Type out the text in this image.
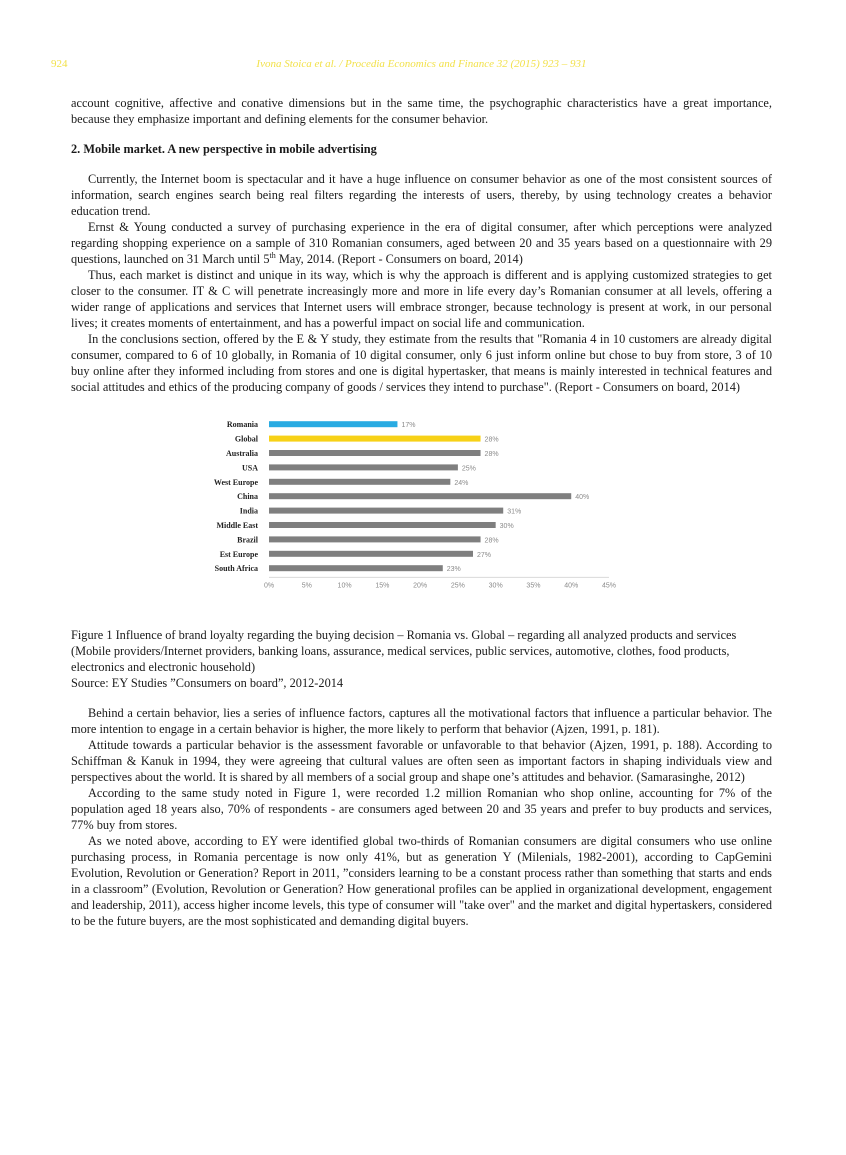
924	Ivona Stoica et al. / Procedia Economics and Finance 32 (2015) 923 – 931

account cognitive, affective and conative dimensions but in the same time, the psychographic characteristics have a great importance, because they emphasize important and defining elements for the consumer behavior.

2. Mobile market. A new perspective in mobile advertising

Currently, the Internet boom is spectacular and it have a huge influence on consumer behavior as one of the most consistent sources of information, search engines search being real filters regarding the interests of users, thereby, by using technology creates a behavior education trend.

Ernst & Young conducted a survey of purchasing experience in the era of digital consumer, after which perceptions were analyzed regarding shopping experience on a sample of 310 Romanian consumers, aged between 20 and 35 years based on a questionnaire with 29 questions, launched on 31 March until 5th May, 2014. (Report - Consumers on board, 2014)

Thus, each market is distinct and unique in its way, which is why the approach is different and is applying customized strategies to get closer to the consumer. IT & C will penetrate increasingly more and more in life every day’s Romanian consumer at all levels, offering a wider range of applications and services that Internet users will embrace stronger, because technology is present at work, in our personal lives; it creates moments of entertainment, and has a powerful impact on social life and communication.

In the conclusions section, offered by the E & Y study, they estimate from the results that "Romania 4 in 10 customers are already digital consumer, compared to 6 of 10 globally, in Romania of 10 digital consumer, only 6 just inform online but chose to buy from store, 3 of 10 buy online after they informed including from stores and one is digital hypertasker, that means is mainly interested in technical features and social attitudes and ethics of the producing company of goods / services they intend to purchase". (Report - Consumers on board, 2014)

Romania	17%
Global	28%
Australia	28%
USA	25%
West Europe	24%
China	40%
India	31%
Middle East	30%
Brazil	28%
Est Europe	27%
South Africa	23%
0%	5%	10%	15%	20%	25%	30%	35%	40%	45%

Figure 1 Influence of brand loyalty regarding the buying decision – Romania vs. Global – regarding all analyzed products and services (Mobile providers/Internet providers, banking loans, assurance, medical services, public services, automotive, clothes, food products, electronics and electronic household)

Source: EY Studies ”Consumers on board”, 2012-2014

Behind a certain behavior, lies a series of influence factors, captures all the motivational factors that influence a particular behavior. The more intention to engage in a certain behavior is higher, the more likely to perform that behavior (Ajzen, 1991, p. 181).

Attitude towards a particular behavior is the assessment favorable or unfavorable to that behavior (Ajzen, 1991, p. 188). According to Schiffman & Kanuk in 1994, they were agreeing that cultural values are often seen as important factors in shaping individuals view and perspectives about the world. It is shared by all members of a social group and shape one’s attitudes and behavior. (Samarasinghe, 2012)

According to the same study noted in Figure 1, were recorded 1.2 million Romanian who shop online, accounting for 7% of the population aged 18 years also, 70% of respondents - are consumers aged between 20 and 35 years and prefer to buy products and services, 77% buy from stores.

As we noted above, according to EY were identified global two-thirds of Romanian consumers are digital consumers who use online purchasing process, in Romania percentage is now only 41%, but as generation Y (Milenials, 1982-2001), according to CapGemini Evolution, Revolution or Generation? Report in 2011, ”considers learning to be a constant process rather than something that starts and ends in a classroom” (Evolution, Revolution or Generation? How generational profiles can be applied in organizational development, engagement and leadership, 2011), access higher income levels, this type of consumer will "take over" and the market and digital hypertaskers, considered to be the future buyers, are the most sophisticated and demanding digital buyers.
